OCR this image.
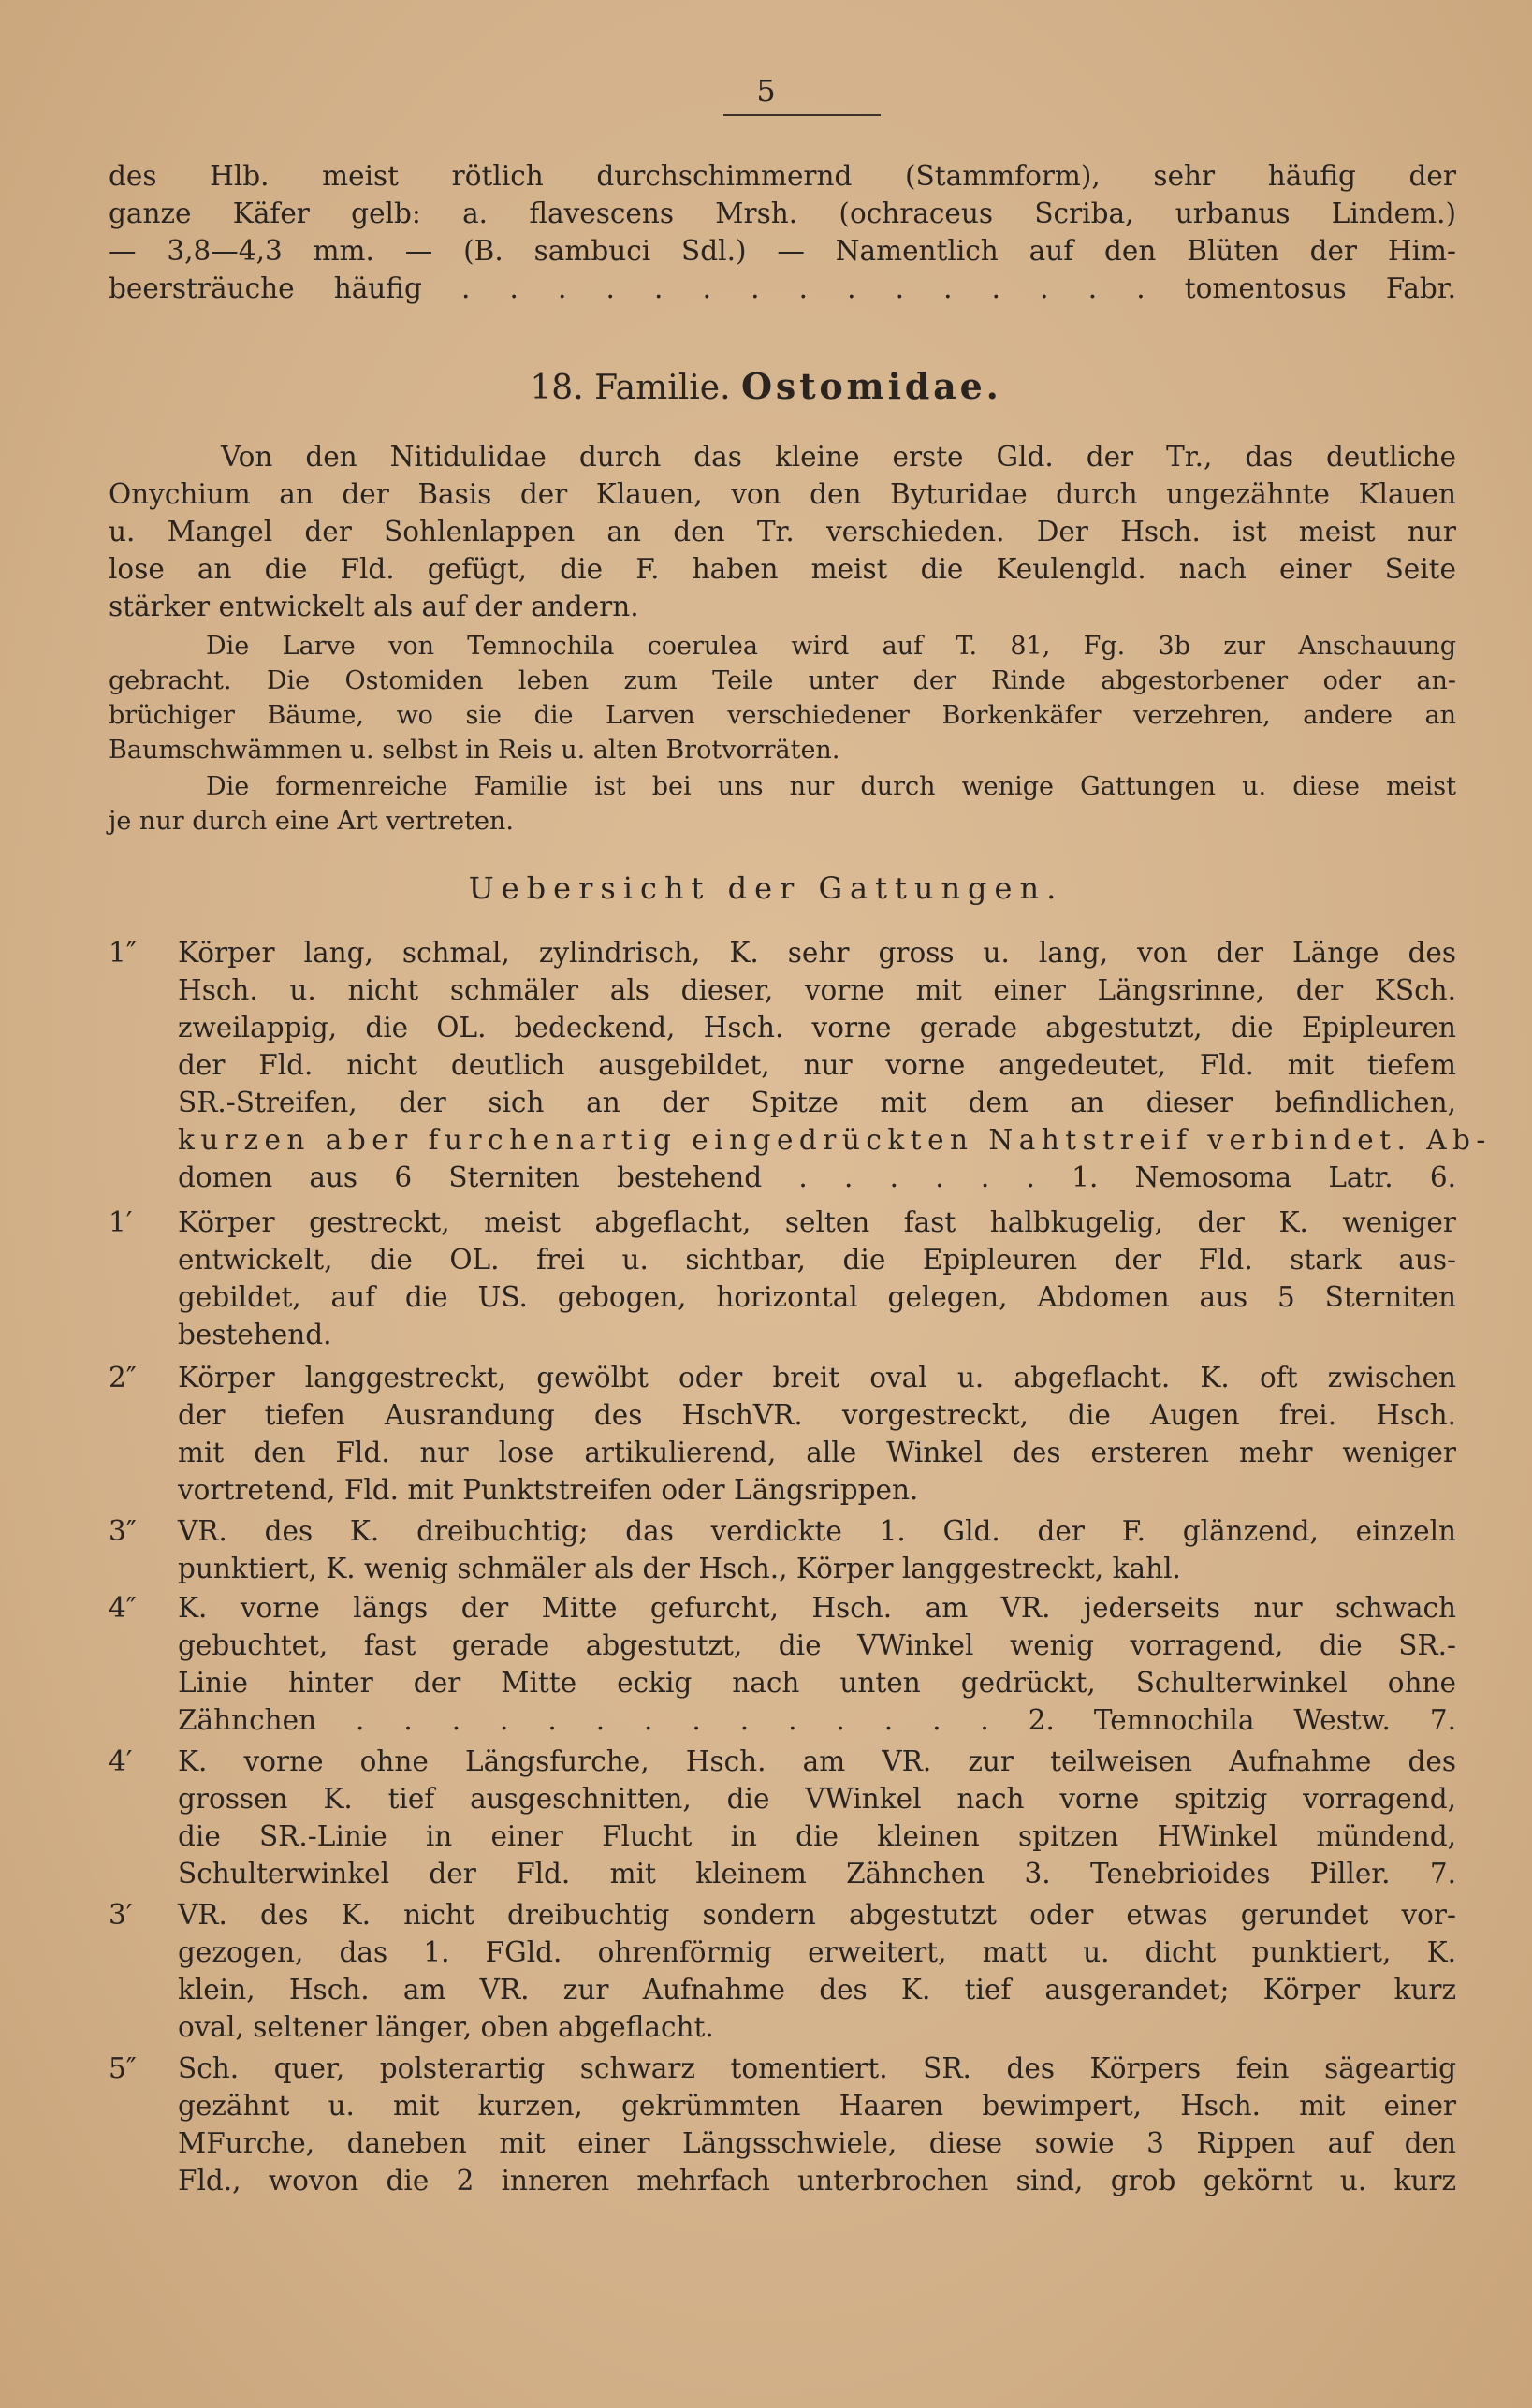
5
des Hlb. meist rötlich durchschimmernd (Stammform), sehr häufig der
ganze Käfer gelb: a. flavescens Mrsh. (ochraceus Scriba, urbanus Lindem.)
— 3,8—4,3 mm. — (B. sambuci Sdl.) — Namentlich auf den Blüten der Him-
beersträuche häufig . . . . . . . . . . . . . . . tomentosus Fabr.
18. Familie. Ostomidae.
Von den Nitidulidae durch das kleine erste Gld. der Tr., das deutliche
Onychium an der Basis der Klauen, von den Byturidae durch ungezähnte Klauen
u. Mangel der Sohlenlappen an den Tr. verschieden. Der Hsch. ist meist nur
lose an die Fld. gefügt, die F. haben meist die Keulengld. nach einer Seite
stärker entwickelt als auf der andern.
Die Larve von Temnochila coerulea wird auf T. 81, Fg. 3b zur Anschauung
gebracht. Die Ostomiden leben zum Teile unter der Rinde abgestorbener oder an-
brüchiger Bäume, wo sie die Larven verschiedener Borkenkäfer verzehren, andere an
Baumschwämmen u. selbst in Reis u. alten Brotvorräten.
Die formenreiche Familie ist bei uns nur durch wenige Gattungen u. diese meist
je nur durch eine Art vertreten.
Uebersicht der Gattungen.
1″ Körper lang, schmal, zylindrisch, K. sehr gross u. lang, von der Länge des
Hsch. u. nicht schmäler als dieser, vorne mit einer Längsrinne, der KSch.
zweilappig, die OL. bedeckend, Hsch. vorne gerade abgestutzt, die Epipleuren
der Fld. nicht deutlich ausgebildet, nur vorne angedeutet, Fld. mit tiefem
SR.-Streifen, der sich an der Spitze mit dem an dieser befindlichen,
kurzen aber furchenartig eingedrückten Nahtstreif verbindet. Ab-
domen aus 6 Sterniten bestehend . . . . . . 1. Nemosoma Latr. 6.
1′ Körper gestreckt, meist abgeflacht, selten fast halbkugelig, der K. weniger
entwickelt, die OL. frei u. sichtbar, die Epipleuren der Fld. stark aus-
gebildet, auf die US. gebogen, horizontal gelegen, Abdomen aus 5 Sterniten
bestehend.
2″ Körper langgestreckt, gewölbt oder breit oval u. abgeflacht. K. oft zwischen
der tiefen Ausrandung des HschVR. vorgestreckt, die Augen frei. Hsch.
mit den Fld. nur lose artikulierend, alle Winkel des ersteren mehr weniger
vortretend, Fld. mit Punktstreifen oder Längsrippen.
3″ VR. des K. dreibuchtig; das verdickte 1. Gld. der F. glänzend, einzeln
punktiert, K. wenig schmäler als der Hsch., Körper langgestreckt, kahl.
4″ K. vorne längs der Mitte gefurcht, Hsch. am VR. jederseits nur schwach
gebuchtet, fast gerade abgestutzt, die VWinkel wenig vorragend, die SR.-
Linie hinter der Mitte eckig nach unten gedrückt, Schulterwinkel ohne
Zähnchen . . . . . . . . . . . . . . 2. Temnochila Westw. 7.
4′ K. vorne ohne Längsfurche, Hsch. am VR. zur teilweisen Aufnahme des
grossen K. tief ausgeschnitten, die VWinkel nach vorne spitzig vorragend,
die SR.-Linie in einer Flucht in die kleinen spitzen HWinkel mündend,
Schulterwinkel der Fld. mit kleinem Zähnchen 3. Tenebrioides Piller. 7.
3′ VR. des K. nicht dreibuchtig sondern abgestutzt oder etwas gerundet vor-
gezogen, das 1. FGld. ohrenförmig erweitert, matt u. dicht punktiert, K.
klein, Hsch. am VR. zur Aufnahme des K. tief ausgerandet; Körper kurz
oval, seltener länger, oben abgeflacht.
5″ Sch. quer, polsterartig schwarz tomentiert. SR. des Körpers fein sägeartig
gezähnt u. mit kurzen, gekrümmten Haaren bewimpert, Hsch. mit einer
MFurche, daneben mit einer Längsschwiele, diese sowie 3 Rippen auf den
Fld., wovon die 2 inneren mehrfach unterbrochen sind, grob gekörnt u. kurz
